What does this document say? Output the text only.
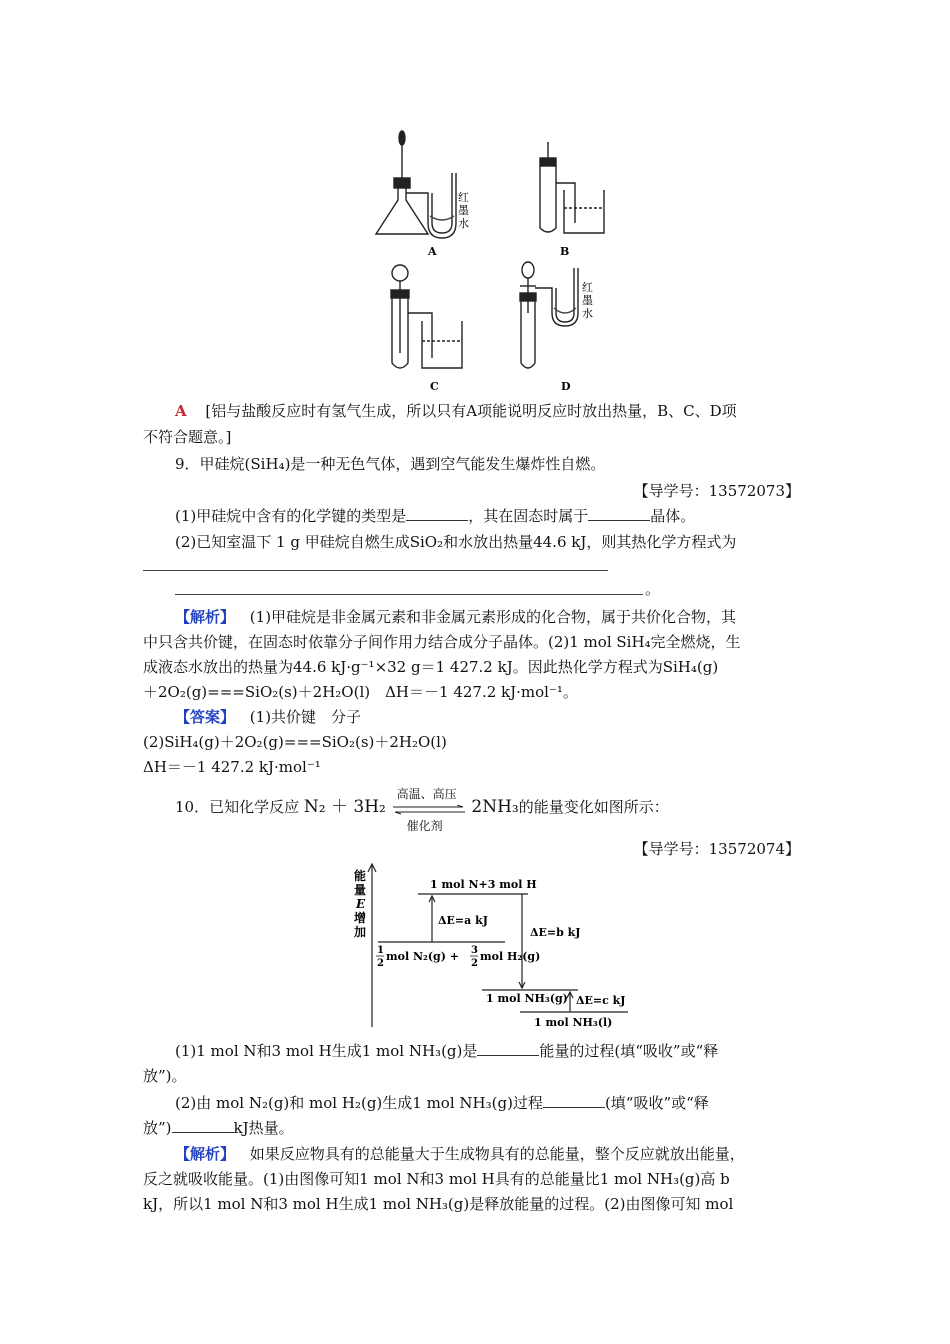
红
墨
水
A	B
C
红
墨
水
D
A [铝与盐酸反应时有氢气生成，所以只有A项能说明反应时放出热量，B、C、D项
不符合题意。]
9．甲硅烷(SiH₄)是一种无色气体，遇到空气能发生爆炸性自燃。
【导学号：13572073】
(1)甲硅烷中含有的化学键的类型是	，其在固态时属于	晶体。
(2)已知室温下 1 g 甲硅烷自燃生成SiO₂和水放出热量44.6 kJ，则其热化学方程式为
。
【解析】 (1)甲硅烷是非金属元素和非金属元素形成的化合物，属于共价化合物，其
中只含共价键，在固态时依靠分子间作用力结合成分子晶体。(2)1 mol SiH₄完全燃烧，生
成液态水放出的热量为44.6 kJ·g⁻¹×32 g＝1 427.2 kJ。因此热化学方程式为SiH₄(g)
＋2O₂(g)===SiO₂(s)＋2H₂O(l)　ΔH＝－1 427.2 kJ·mol⁻¹。
【答案】 (1)共价键　分子
(2)SiH₄(g)＋2O₂(g)===SiO₂(s)＋2H₂O(l)
ΔH＝－1 427.2 kJ·mol⁻¹
10．已知化学反应 N₂ ＋ 3H₂
高温、高压
催化剂
2NH₃的能量变化如图所示：
【导学号：13572074】
能
量
E
增
加
1 mol N+3 mol H
ΔE=a kJ
ΔE=b kJ
1
2
mol N₂(g) + 3
2
mol H₂(g)
1 mol NH₃(g) ΔE=c kJ
1 mol NH₃(l)
(1)1 mol N和3 mol H生成1 mol NH₃(g)是	能量的过程(填“吸收”或“释
放”)。
(2)由 mol N₂(g)和 mol H₂(g)生成1 mol NH₃(g)过程	(填“吸收”或“释
放”)	kJ热量。
【解析】 如果反应物具有的总能量大于生成物具有的总能量，整个反应就放出能量，
反之就吸收能量。(1)由图像可知1 mol N和3 mol H具有的总能量比1 mol NH₃(g)高 b
kJ，所以1 mol N和3 mol H生成1 mol NH₃(g)是释放能量的过程。(2)由图像可知 mol
